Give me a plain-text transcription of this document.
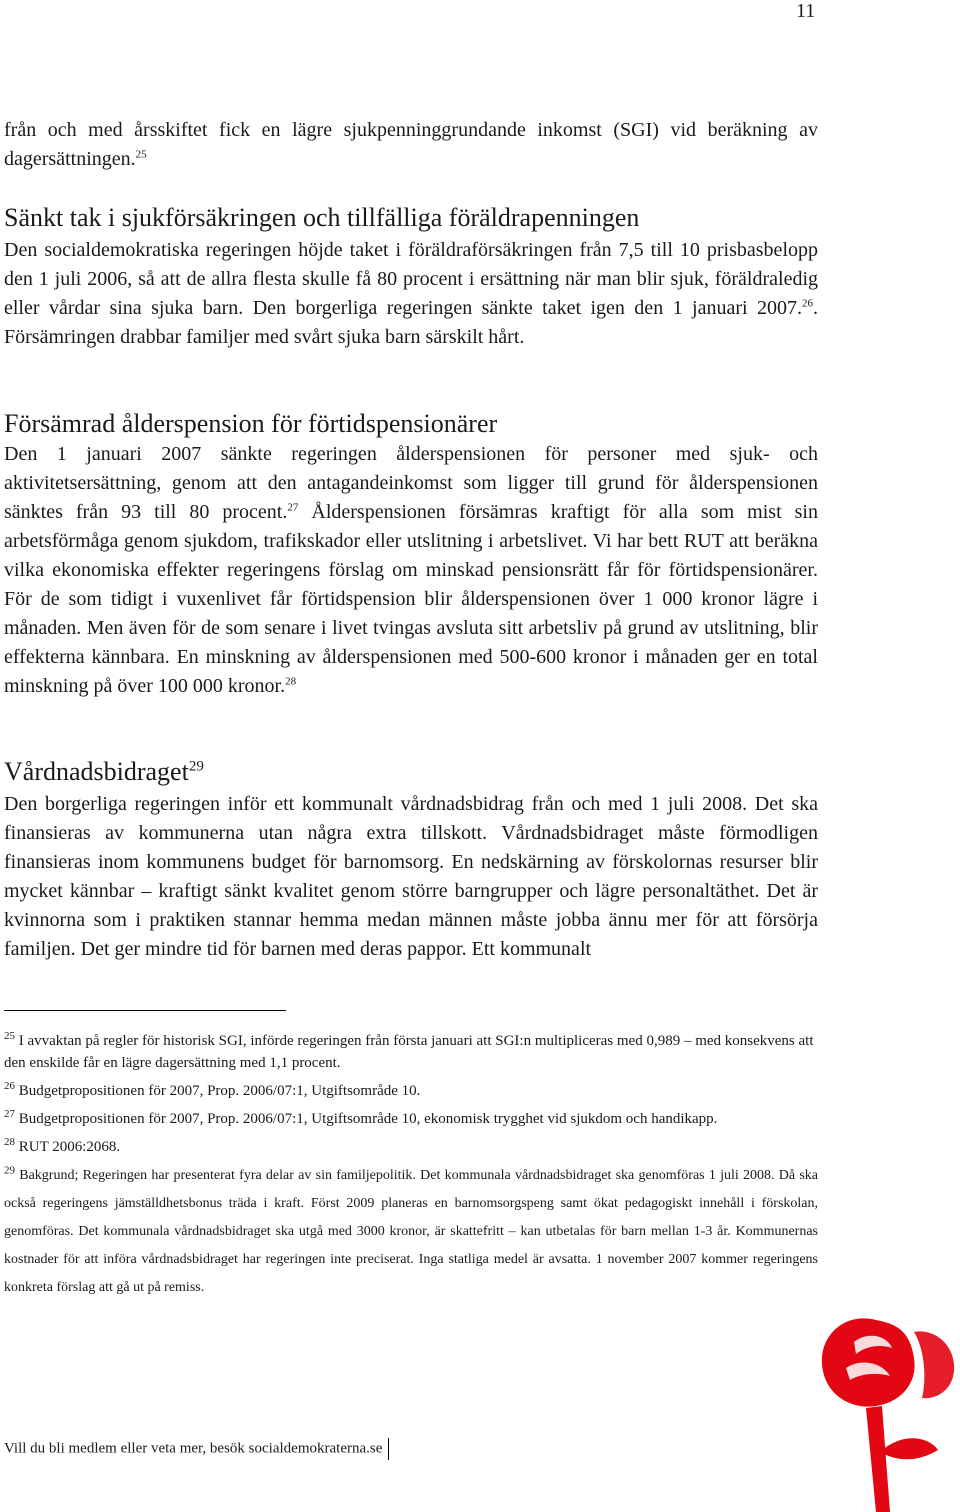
11

från och med årsskiftet fick en lägre sjukpenninggrundande inkomst (SGI) vid beräkning av dagersättningen.$^{25}$

Sänkt tak i sjukförsäkringen och tillfälliga föräldrapenningen

Den socialdemokratiska regeringen höjde taket i föräldraförsäkringen från 7,5 till 10 prisbasbelopp den 1 juli 2006, så att de allra flesta skulle få 80 procent i ersättning när man blir sjuk, föräldraledig eller vårdar sina sjuka barn. Den borgerliga regeringen sänkte taket igen den 1 januari 2007.26. Försämringen drabbar familjer med svårt sjuka barn särskilt hårt.

Försämrad ålderspension för förtidspensionärer

Den 1 januari 2007 sänkte regeringen ålderspensionen för personer med sjuk- och aktivitetsersättning, genom att den antagandeinkomst som ligger till grund för ålderspensionen sänktes från 93 till 80 procent.$^{27}$ Ålderspensionen försämras kraftigt för alla som mist sin arbetsförmåga genom sjukdom, trafikskador eller utslitning i arbetslivet. Vi har bett RUT att beräkna vilka ekonomiska effekter regeringens förslag om minskad pensionsrätt får för förtidspensionärer. För de som tidigt i vuxenlivet får förtidspension blir ålderspensionen över 1 000 kronor lägre i månaden. Men även för de som senare i livet tvingas avsluta sitt arbetsliv på grund av utslitning, blir effekterna kännbara. En minskning av ålderspensionen med 500-600 kronor i månaden ger en total minskning på över 100 000 kronor.$^{28}$

Vårdnadsbidraget$^{29}$

Den borgerliga regeringen inför ett kommunalt vårdnadsbidrag från och med 1 juli 2008. Det ska finansieras av kommunerna utan några extra tillskott. Vårdnadsbidraget måste förmodligen finansieras inom kommunens budget för barnomsorg. En nedskärning av förskolornas resurser blir mycket kännbar – kraftigt sänkt kvalitet genom större barngrupper och lägre personaltäthet. Det är kvinnorna som i praktiken stannar hemma medan männen måste jobba ännu mer för att försörja familjen. Det ger mindre tid för barnen med deras pappor. Ett kommunalt

$^{25}$ I avvaktan på regler för historisk SGI, införde regeringen från första januari att SGI:n multipliceras med 0,989 – med konsekvens att den enskilde får en lägre dagersättning med 1,1 procent.

$^{26}$ Budgetpropositionen för 2007, Prop. 2006/07:1, Utgiftsområde 10.

$^{27}$ Budgetpropositionen för 2007, Prop. 2006/07:1, Utgiftsområde 10, ekonomisk trygghet vid sjukdom och handikapp.

$^{28}$ RUT 2006:2068.

$^{29}$ Bakgrund; Regeringen har presenterat fyra delar av sin familjepolitik. Det kommunala vårdnadsbidraget ska genomföras 1 juli 2008. Då ska också regeringens jämställdhetsbonus träda i kraft. Först 2009 planeras en barnomsorgspeng samt ökat pedagogiskt innehåll i förskolan, genomföras. Det kommunala vårdnadsbidraget ska utgå med 3000 kronor, är skattefritt – kan utbetalas för barn mellan 1-3 år. Kommunernas kostnader för att införa vårdnadsbidraget har regeringen inte preciserat. Inga statliga medel är avsatta. 1 november 2007 kommer regeringens konkreta förslag att gå ut på remiss.

Vill du bli medlem eller veta mer, besök socialdemokraterna.se
